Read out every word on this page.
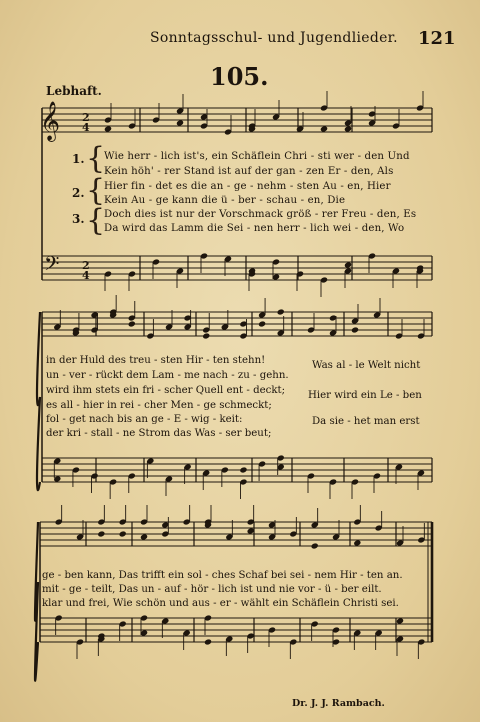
Sonntagsschul- und Jugendlieder. 121
105.
Lebhaft.
𝄞
𝄢
2
4
2
4
1.
2.
3.
{
{
{
Wie herr - lich ist's, ein Schäflein Chri - sti wer - den Und
Kein höh' - rer Stand ist auf der gan - zen Er - den, Als
Hier fin - det es die an - ge - nehm - sten Au - en, Hier
Kein Au - ge kann die ü - ber - schau - en, Die
Doch dies ist nur der Vorschmack größ - rer Freu - den, Es
Da wird das Lamm die Sei - nen herr - lich wei - den, Wo
in der Huld des treu - sten Hir - ten stehn!
un - ver - rückt dem Lam - me nach - zu - gehn.
wird ihm stets ein fri - scher Quell ent - deckt;
es all - hier in rei - cher Men - ge schmeckt;
fol - get nach bis an ge - E - wig - keit:
der kri - stall - ne Strom das Was - ser beut;
Was al - le Welt nicht
Hier wird ein Le - ben
Da sie - het man erst
ge - ben kann, Das trifft ein sol - ches Schaf bei sei - nem Hir - ten an.
mit - ge - teilt, Das un - auf - hör - lich ist und nie vor - ü - ber eilt.
klar und frei, Wie schön und aus - er - wählt ein Schäflein Christi sei.
Dr. J. J. Rambach.
